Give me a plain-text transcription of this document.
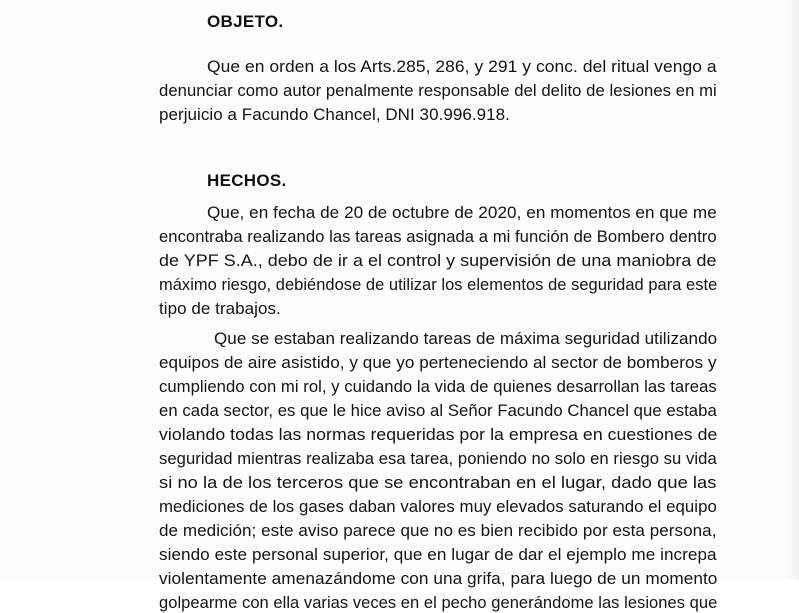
OBJETO.
Que en orden a los Arts.285, 286, y 291 y conc. del ritual vengo a
denunciar como autor penalmente responsable del delito de lesiones en mi
perjuicio a Facundo Chancel, DNI 30.996.918.
HECHOS.
Que, en fecha de 20 de octubre de 2020, en momentos en que me
encontraba realizando las tareas asignada a mi función de Bombero dentro
de YPF S.A., debo de ir a el control y supervisión de una maniobra de
máximo riesgo, debiéndose de utilizar los elementos de seguridad para este
tipo de trabajos.
Que se estaban realizando tareas de máxima seguridad utilizando
equipos de aire asistido, y que yo perteneciendo al sector de bomberos y
cumpliendo con mi rol, y cuidando la vida de quienes desarrollan las tareas
en cada sector, es que le hice aviso al Señor Facundo Chancel que estaba
violando todas las normas requeridas por la empresa en cuestiones de
seguridad mientras realizaba esa tarea, poniendo no solo en riesgo su vida
si no la de los terceros que se encontraban en el lugar, dado que las
mediciones de los gases daban valores muy elevados saturando el equipo
de medición; este aviso parece que no es bien recibido por esta persona,
siendo este personal superior, que en lugar de dar el ejemplo me increpa
violentamente amenazándome con una grifa, para luego de un momento
golpearme con ella varias veces en el pecho generándome las lesiones que
